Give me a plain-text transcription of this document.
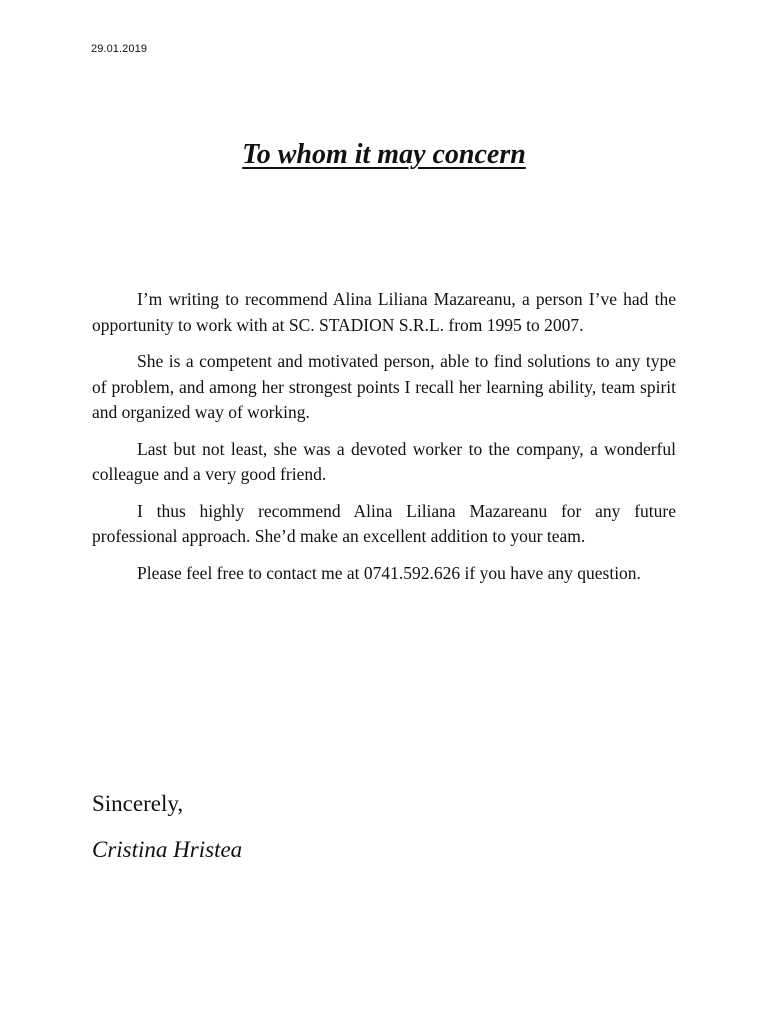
29.01.2019
To whom it may concern

I’m writing to recommend Alina Liliana Mazareanu, a person I’ve had the opportunity to work with at SC. STADION S.R.L. from 1995 to 2007.

She is a competent and motivated person, able to find solutions to any type of problem, and among her strongest points I recall her learning ability, team spirit and organized way of working.

Last but not least, she was a devoted worker to the company, a wonderful colleague and a very good friend.

I thus highly recommend Alina Liliana Mazareanu for any future professional approach. She’d make an excellent addition to your team.

Please feel free to contact me at 0741.592.626 if you have any question.

Sincerely,
Cristina Hristea
